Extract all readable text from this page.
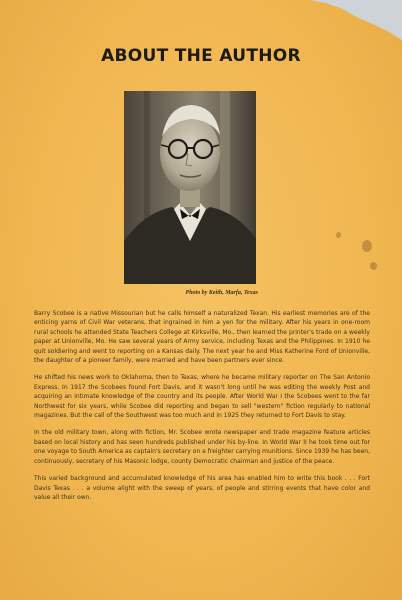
ABOUT THE AUTHOR
Photo by Keith, Marfa, Texas

Barry Scobee is a native Missourian but he calls himself a naturalized Texan. His earliest memories are of the enticing yarns of Civil War veterans, that ingrained in him a yen for the military. After his years in one-room rural schools he attended State Teachers College at Kirksville, Mo., then learned the printer's trade on a weekly paper at Unionville, Mo. He saw several years of Army service, including Texas and the Philippines. In 1910 he quit soldiering and went to reporting on a Kansas daily. The next year he and Miss Katherine Ford of Unionville, the daughter of a pioneer family, were married and have been partners ever since.

He shifted his news work to Oklahoma, then to Texas, where he became military reporter on The San Antonio Express. In 1917 the Scobees found Fort Davis, and it wasn't long until he was editing the weekly Post and acquiring an intimate knowledge of the country and its people. After World War I the Scobees went to the far Northwest for six years, while Scobee did reporting and began to sell "western" fiction regularly to national magazines. But the call of the Southwest was too much and in 1925 they returned to Fort Davis to stay.

In the old military town, along with fiction, Mr. Scobee wrote newspaper and trade magazine feature articles based on local history and has seen hundreds published under his by-line. In World War II he took time out for one voyage to South America as captain's secretary on a freighter carrying munitions. Since 1939 he has been, continuously, secretary of his Masonic lodge, county Democratic chairman and justice of the peace.

This varied background and accumulated knowledge of his area has enabled him to write this book . . . Fort Davis Texas . . . a volume alight with the sweep of years, of people and stirring events that have color and value all their own.
